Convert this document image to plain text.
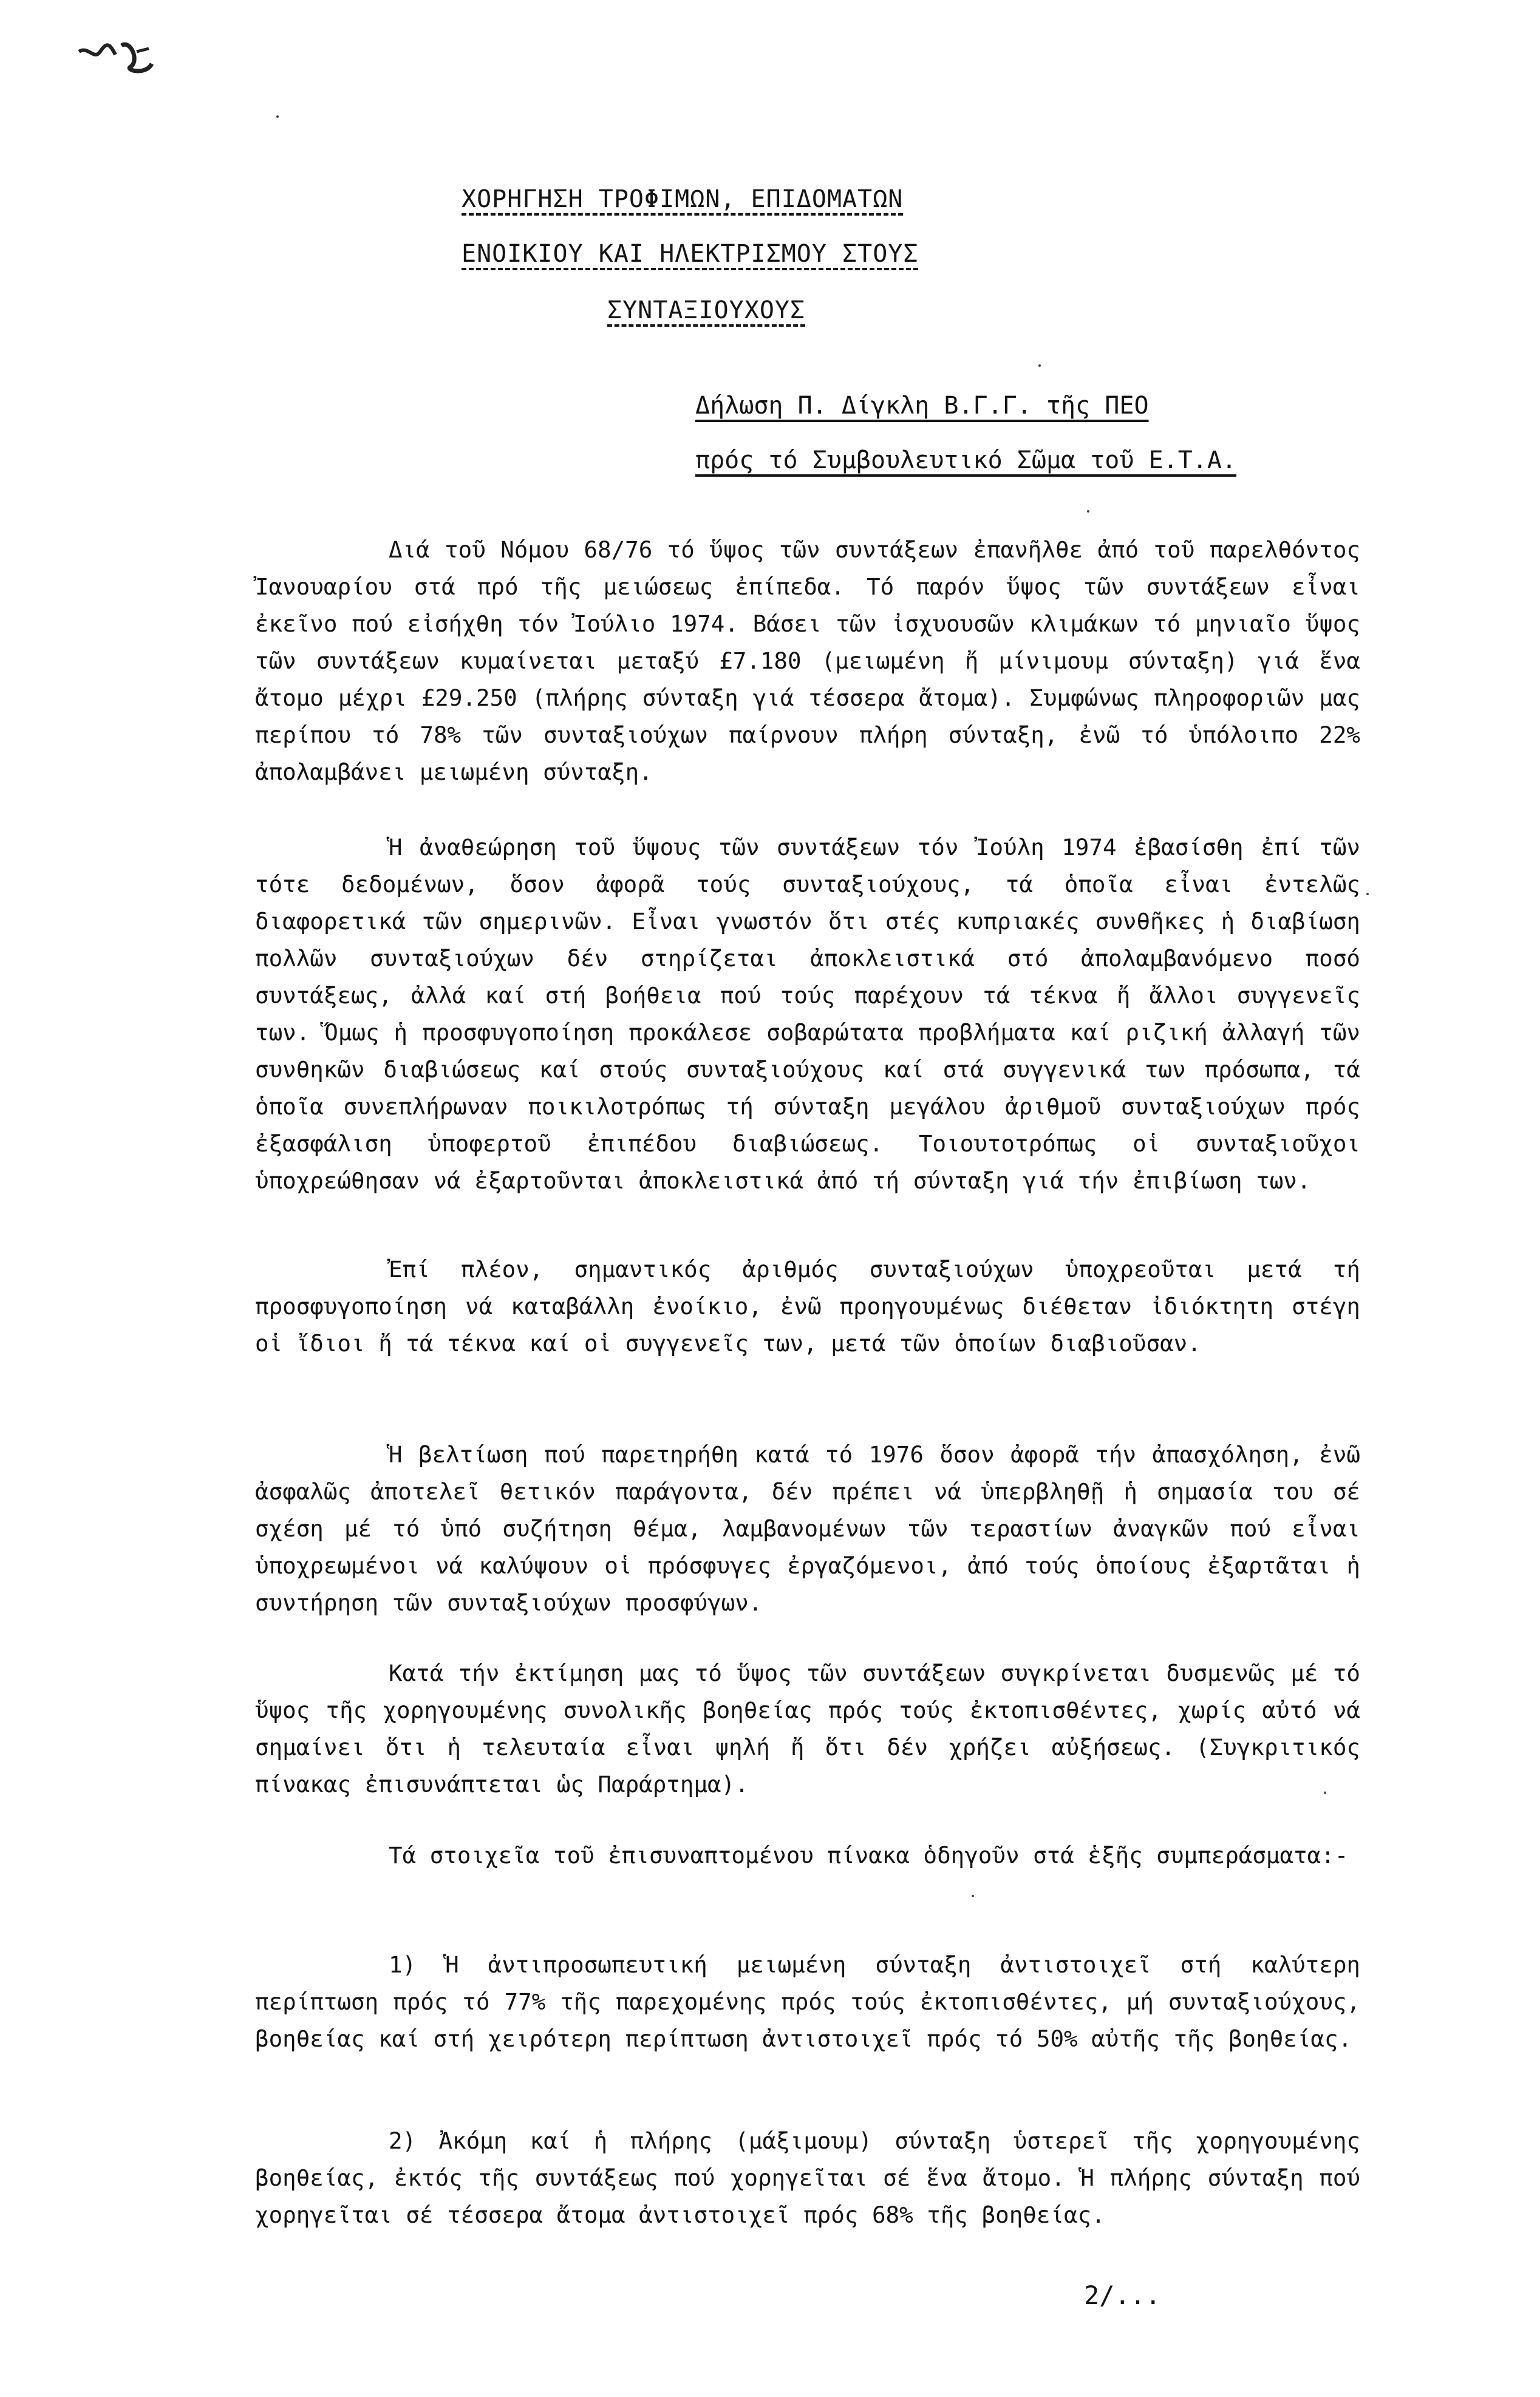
ΧΟΡΗΓΗΣΗ ΤΡΟΦΙΜΩΝ, ΕΠΙΔΟΜΑΤΩΝ
ΕΝΟΙΚΙΟΥ ΚΑΙ ΗΛΕΚΤΡΙΣΜΟΥ ΣΤΟΥΣ
ΣΥΝΤΑΞΙΟΥΧΟΥΣ
Δήλωση Π. Δίγκλη Β.Γ.Γ. τῆς ΠΕΟ
πρός τό Συμβουλευτικό Σῶμα τοῦ Ε.Τ.Α.

Διά τοῦ Νόμου 68/76 τό ὕψος τῶν συντάξεων ἐπανῆλθε ἀπό τοῦ παρελθόντος Ἰανουαρίου στά πρό τῆς μειώσεως ἐπίπεδα. Τό παρόν ὕψος τῶν συντάξεων εἶναι ἐκεῖνο πού εἰσήχθη τόν Ἰούλιο 1974. Βάσει τῶν ἰσχυουσῶν κλιμάκων τό μηνιαῖο ὕψος τῶν συντάξεων κυμαίνεται μεταξύ £7.180 (μειωμένη ἤ μίνιμουμ σύνταξη) γιά ἕνα ἄτομο μέχρι £29.250 (πλήρης σύνταξη γιά τέσσερα ἄτομα). Συμφώνως πληροφοριῶν μας περίπου τό 78% τῶν συνταξιούχων παίρνουν πλήρη σύνταξη, ἐνῶ τό ὑπόλοιπο 22% ἀπολαμβάνει μειωμένη σύνταξη.

Ἡ ἀναθεώρηση τοῦ ὕψους τῶν συντάξεων τόν Ἰούλη 1974 ἐβασίσθη ἐπί τῶν τότε δεδομένων, ὅσον ἀφορᾶ τούς συνταξιούχους, τά ὁποῖα εἶναι ἐντελῶς διαφορετικά τῶν σημερινῶν. Εἶναι γνωστόν ὅτι στές κυπριακές συνθῆκες ἡ διαβίωση πολλῶν συνταξιούχων δέν στηρίζεται ἀποκλειστικά στό ἀπολαμβανόμενο ποσό συντάξεως, ἀλλά καί στή βοήθεια πού τούς παρέχουν τά τέκνα ἤ ἄλλοι συγγενεῖς των. Ὅμως ἡ προσφυγοποίηση προκάλεσε σοβαρώτατα προβλήματα καί ριζική ἀλλαγή τῶν συνθηκῶν διαβιώσεως καί στούς συνταξιούχους καί στά συγγενικά των πρόσωπα, τά ὁποῖα συνεπλήρωναν ποικιλοτρόπως τή σύνταξη μεγάλου ἀριθμοῦ συνταξιούχων πρός ἐξασφάλιση ὑποφερτοῦ ἐπιπέδου διαβιώσεως. Τοιουτοτρόπως οἱ συνταξιοῦχοι ὑποχρεώθησαν νά ἐξαρτοῦνται ἀποκλειστικά ἀπό τή σύνταξη γιά τήν ἐπιβίωση των.

Ἐπί πλέον, σημαντικός ἀριθμός συνταξιούχων ὑποχρεοῦται μετά τή προσφυγοποίηση νά καταβάλλη ἐνοίκιο, ἐνῶ προηγουμένως διέθεταν ἰδιόκτητη στέγη οἱ ἴδιοι ἤ τά τέκνα καί οἱ συγγενεῖς των, μετά τῶν ὁποίων διαβιοῦσαν.

Ἡ βελτίωση πού παρετηρήθη κατά τό 1976 ὅσον ἀφορᾶ τήν ἀπασχόληση, ἐνῶ ἀσφαλῶς ἀποτελεῖ θετικόν παράγοντα, δέν πρέπει νά ὑπερβληθῇ ἡ σημασία του σέ σχέση μέ τό ὑπό συζήτηση θέμα, λαμβανομένων τῶν τεραστίων ἀναγκῶν πού εἶναι ὑποχρεωμένοι νά καλύψουν οἱ πρόσφυγες ἐργαζόμενοι, ἀπό τούς ὁποίους ἐξαρτᾶται ἡ συντήρηση τῶν συνταξιούχων προσφύγων.

Κατά τήν ἐκτίμηση μας τό ὕψος τῶν συντάξεων συγκρίνεται δυσμενῶς μέ τό ὕψος τῆς χορηγουμένης συνολικῆς βοηθείας πρός τούς ἐκτοπισθέντες, χωρίς αὐτό νά σημαίνει ὅτι ἡ τελευταία εἶναι ψηλή ἤ ὅτι δέν χρήζει αὐξήσεως. (Συγκριτικός πίνακας ἐπισυνάπτεται ὡς Παράρτημα).

Τά στοιχεῖα τοῦ ἐπισυναπτομένου πίνακα ὁδηγοῦν στά ἑξῆς συμπεράσματα:-

1) Ἡ ἀντιπροσωπευτική μειωμένη σύνταξη ἀντιστοιχεῖ στή καλύτερη περίπτωση πρός τό 77% τῆς παρεχομένης πρός τούς ἐκτοπισθέντες, μή συνταξιούχους, βοηθείας καί στή χειρότερη περίπτωση ἀντιστοιχεῖ πρός τό 50% αὐτῆς τῆς βοηθείας.

2) Ἀκόμη καί ἡ πλήρης (μάξιμουμ) σύνταξη ὑστερεῖ τῆς χορηγουμένης βοηθείας, ἐκτός τῆς συντάξεως πού χορηγεῖται σέ ἕνα ἄτομο. Ἡ πλήρης σύνταξη πού χορηγεῖται σέ τέσσερα ἄτομα ἀντιστοιχεῖ πρός 68% τῆς βοηθείας.

2/...
